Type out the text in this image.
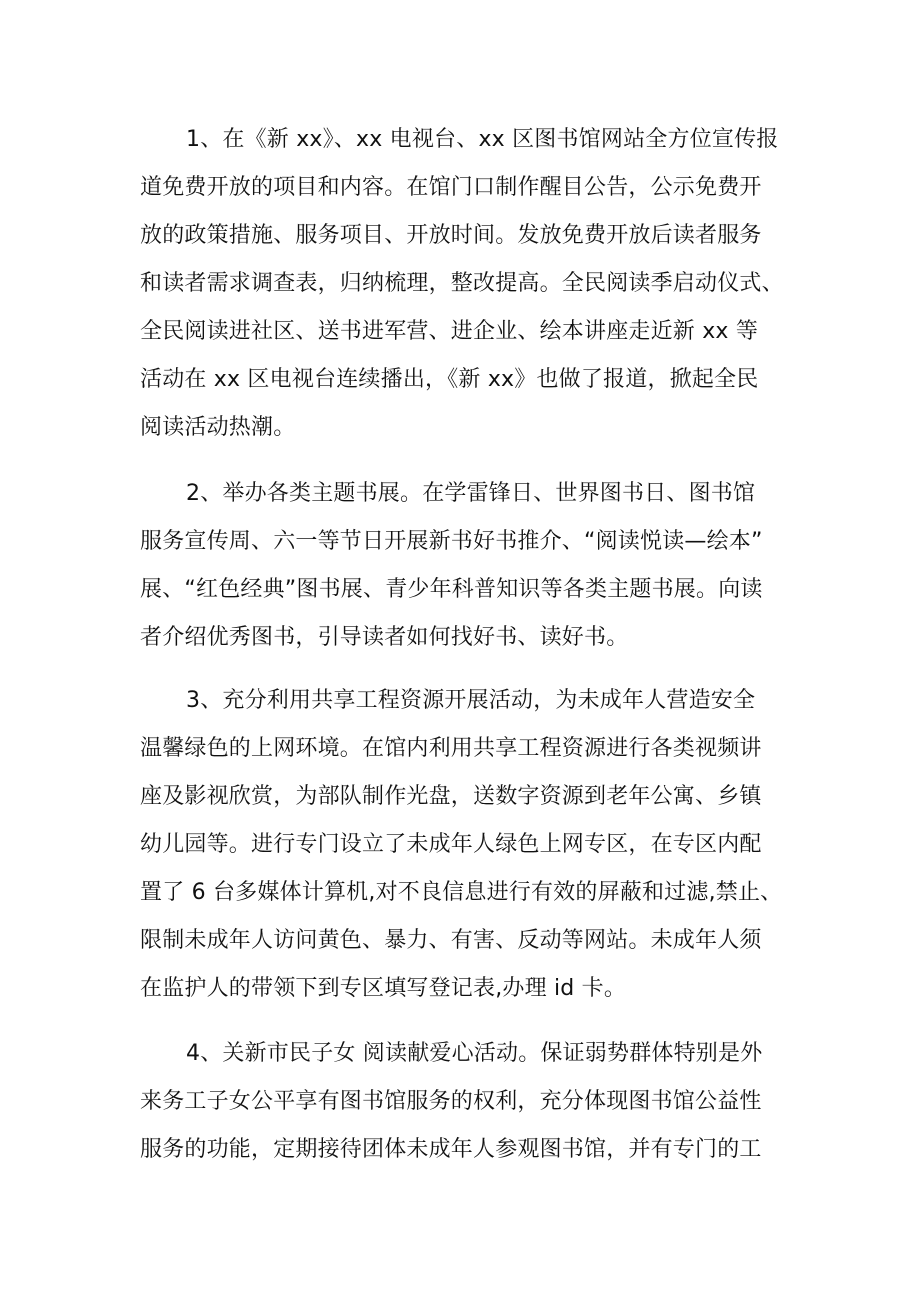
1、在《新 xx》、xx 电视台、xx 区图书馆网站全方位宣传报
道免费开放的项目和内容。在馆门口制作醒目公告，公示免费开
放的政策措施、服务项目、开放时间。发放免费开放后读者服务
和读者需求调查表，归纳梳理，整改提高。全民阅读季启动仪式、
全民阅读进社区、送书进军营、进企业、绘本讲座走近新 xx 等
活动在 xx 区电视台连续播出，《新 xx》也做了报道，掀起全民
阅读活动热潮。
2、举办各类主题书展。在学雷锋日、世界图书日、图书馆
服务宣传周、六一等节日开展新书好书推介、“阅读悦读—绘本”
展、“红色经典”图书展、青少年科普知识等各类主题书展。向读
者介绍优秀图书，引导读者如何找好书、读好书。
3、充分利用共享工程资源开展活动，为未成年人营造安全
温馨绿色的上网环境。在馆内利用共享工程资源进行各类视频讲
座及影视欣赏，为部队制作光盘，送数字资源到老年公寓、乡镇
幼儿园等。进行专门设立了未成年人绿色上网专区，在专区内配
置了 6 台多媒体计算机,对不良信息进行有效的屏蔽和过滤,禁止、
限制未成年人访问黄色、暴力、有害、反动等网站。未成年人须
在监护人的带领下到专区填写登记表,办理 id 卡。
4、关新市民子女 阅读献爱心活动。保证弱势群体特别是外
来务工子女公平享有图书馆服务的权利，充分体现图书馆公益性
服务的功能，定期接待团体未成年人参观图书馆，并有专门的工
